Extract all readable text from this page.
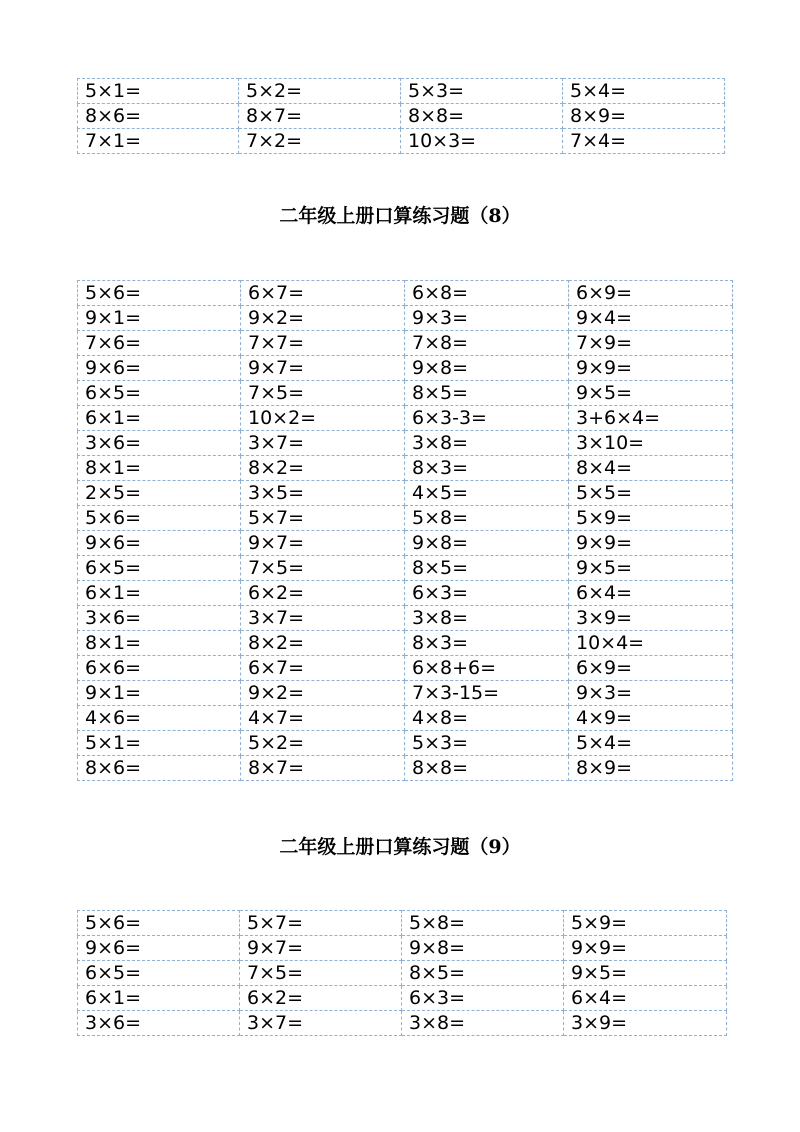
5×1=	5×2=	5×3=	5×4=
8×6=	8×7=	8×8=	8×9=
7×1=	7×2=	10×3=	7×4=
二年级上册口算练习题（8）
5×6=	6×7=	6×8=	6×9=
9×1=	9×2=	9×3=	9×4=
7×6=	7×7=	7×8=	7×9=
9×6=	9×7=	9×8=	9×9=
6×5=	7×5=	8×5=	9×5=
6×1=	10×2=	6×3-3=	3+6×4=
3×6=	3×7=	3×8=	3×10=
8×1=	8×2=	8×3=	8×4=
2×5=	3×5=	4×5=	5×5=
5×6=	5×7=	5×8=	5×9=
9×6=	9×7=	9×8=	9×9=
6×5=	7×5=	8×5=	9×5=
6×1=	6×2=	6×3=	6×4=
3×6=	3×7=	3×8=	3×9=
8×1=	8×2=	8×3=	10×4=
6×6=	6×7=	6×8+6=	6×9=
9×1=	9×2=	7×3-15=	9×3=
4×6=	4×7=	4×8=	4×9=
5×1=	5×2=	5×3=	5×4=
8×6=	8×7=	8×8=	8×9=
二年级上册口算练习题（9）
5×6=	5×7=	5×8=	5×9=
9×6=	9×7=	9×8=	9×9=
6×5=	7×5=	8×5=	9×5=
6×1=	6×2=	6×3=	6×4=
3×6=	3×7=	3×8=	3×9=
